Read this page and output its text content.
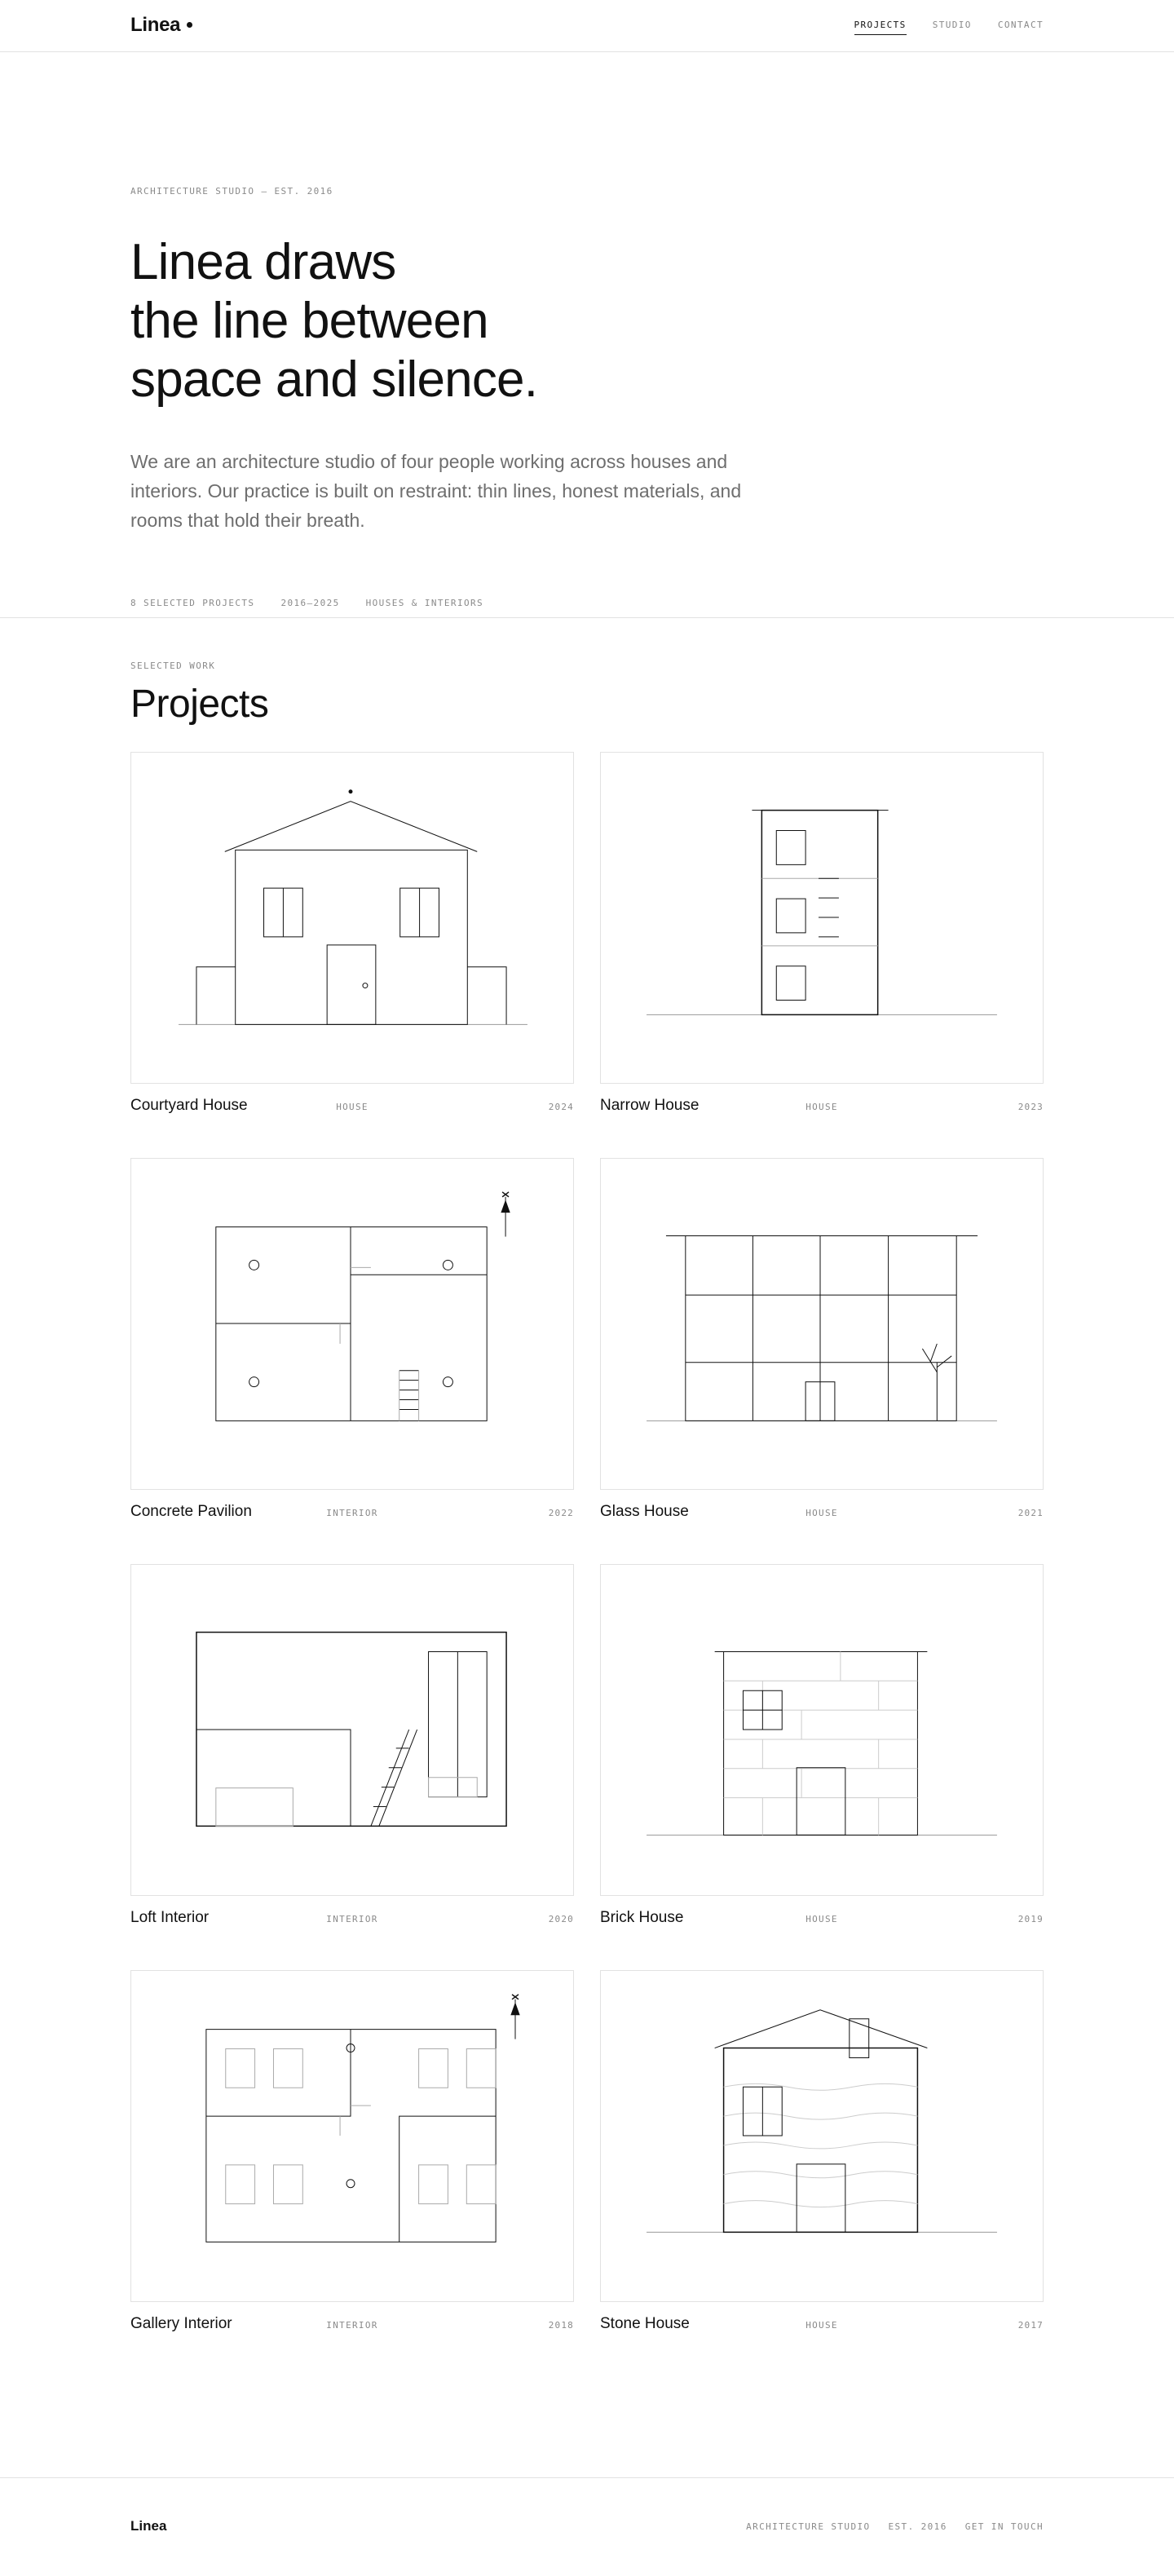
Linea	PROJECTS	STUDIO	CONTACT
ARCHITECTURE STUDIO — EST. 2016
Linea draws
the line between
space and silence.

We are an architecture studio of four people working across houses and interiors. Our practice is built on restraint: thin lines, honest materials, and rooms that hold their breath.

8 SELECTED PROJECTS	2016–2025	HOUSES & INTERIORS
SELECTED WORK
Projects
Courtyard House	HOUSE	2024 Narrow House	HOUSE	2023
Concrete Pavilion	INTERIOR	2022 Glass House	HOUSE	2021
Loft Interior	INTERIOR	2020 Brick House	HOUSE	2019
Gallery Interior	INTERIOR	2018 Stone House	HOUSE	2017
Linea	ARCHITECTURE STUDIO EST. 2016 GET IN TOUCH
